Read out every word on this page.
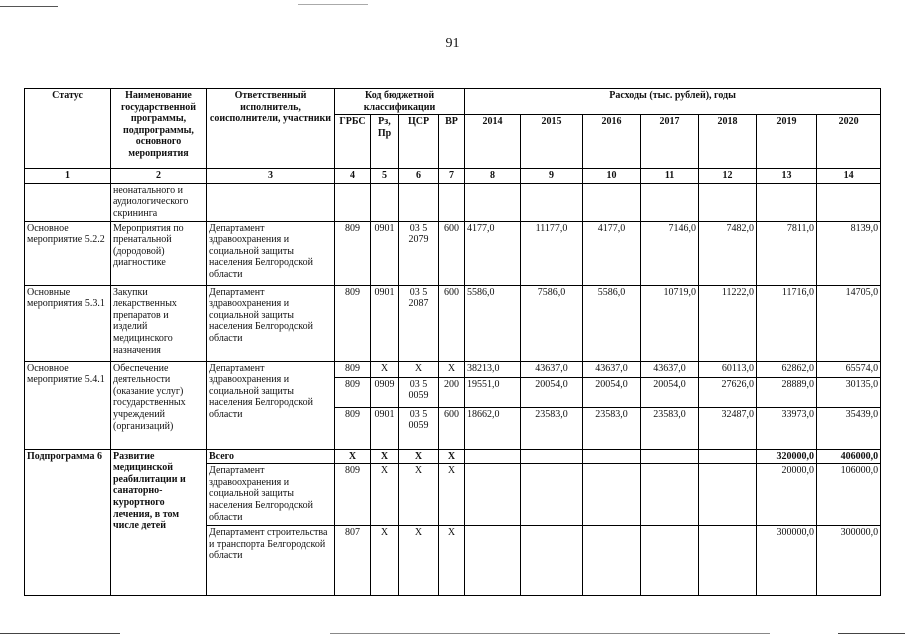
91
Статус	Наименование государственной программы, подпрограммы, основного мероприятия	Ответственный исполнитель, соисполнители, участники	Код бюджетной классификации				Расходы (тыс. рублей), годы						
			ГРБС	Рз, Пр	ЦСР	ВР	2014	2015	2016	2017	2018	2019	2020
1	2	3	4	5	6	7	8	9	10	11	12	13	14
	неонатального и аудиологического скрининга												
Основное мероприятие 5.2.2	Мероприятия по пренатальной (дородовой) диагностике	Департамент здравоохранения и социальной защиты населения Белгородской области	809	0901	03 5 2079	600	4177,0	11177,0	4177,0	7146,0	7482,0	7811,0	8139,0
Основные мероприятия 5.3.1	Закупки лекарственных препаратов и изделий медицинского назначения	Департамент здравоохранения и социальной защиты населения Белгородской области	809	0901	03 5 2087	600	5586,0	7586,0	5586,0	10719,0	11222,0	11716,0	14705,0
Основное мероприятие 5.4.1	Обеспечение деятельности (оказание услуг) государственных учреждений (организаций)	Департамент здравоохранения и социальной защиты населения Белгородской области	809	X	X	X	38213,0	43637,0	43637,0	43637,0	60113,0	62862,0	65574,0
			809	0909	03 5 0059	200	19551,0	20054,0	20054,0	20054,0	27626,0	28889,0	30135,0
			809	0901	03 5 0059	600	18662,0	23583,0	23583,0	23583,0	32487,0	33973,0	35439,0
Подпрограмма 6	Развитие медицинской реабилитации и санаторно-курортного лечения, в том числе детей	Всего	X	X	X	X						320000,0	406000,0
		Департамент здравоохранения и социальной защиты населения Белгородской области	809	X	X	X						20000,0	106000,0
		Департамент строительства и транспорта Белгородской области	807	X	X	X						300000,0	300000,0
